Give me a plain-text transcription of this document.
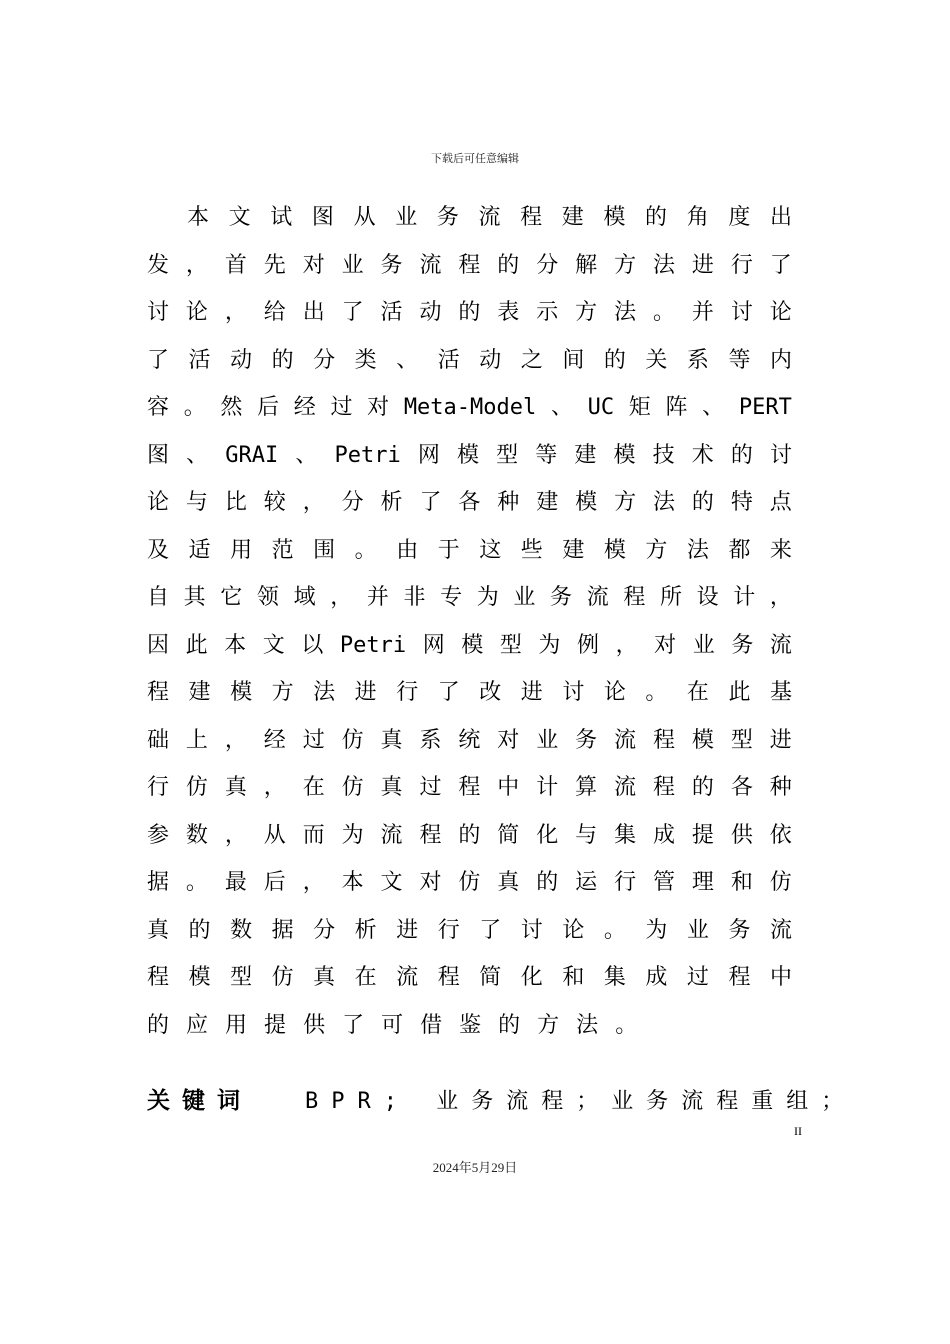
下载后可任意编辑
本 文 试 图 从 业 务 流 程 建 模 的 角 度 出
发 ， 首 先 对 业 务 流 程 的 分 解 方 法 进 行 了
讨 论 ， 给 出 了 活 动 的 表 示 方 法 。 并 讨 论
了 活 动 的 分 类 、 活 动 之 间 的 关 系 等 内
容 。 然 后 经 过 对 Meta-Model 、 UC 矩 阵 、 PERT
图 、 GRAI 、 Petri 网 模 型 等 建 模 技 术 的 讨
论 与 比 较 ， 分 析 了 各 种 建 模 方 法 的 特 点
及 适 用 范 围 。 由 于 这 些 建 模 方 法 都 来
自 其 它 领 域 ， 并 非 专 为 业 务 流 程 所 设 计 ，
因 此 本 文 以 Petri 网 模 型 为 例 ， 对 业 务 流
程 建 模 方 法 进 行 了 改 进 讨 论 。 在 此 基
础 上 ， 经 过 仿 真 系 统 对 业 务 流 程 模 型 进
行 仿 真 ， 在 仿 真 过 程 中 计 算 流 程 的 各 种
参 数 ， 从 而 为 流 程 的 简 化 与 集 成 提 供 依
据 。 最 后 ， 本 文 对 仿 真 的 运 行 管 理 和 仿
真 的 数 据 分 析 进 行 了 讨 论 。 为 业 务 流
程 模 型 仿 真 在 流 程 简 化 和 集 成 过 程 中
的 应 用 提 供 了 可 借 鉴 的 方 法 。
关键词 BPR; 业务流程；业务流程重组；
II
2024年5月29日
